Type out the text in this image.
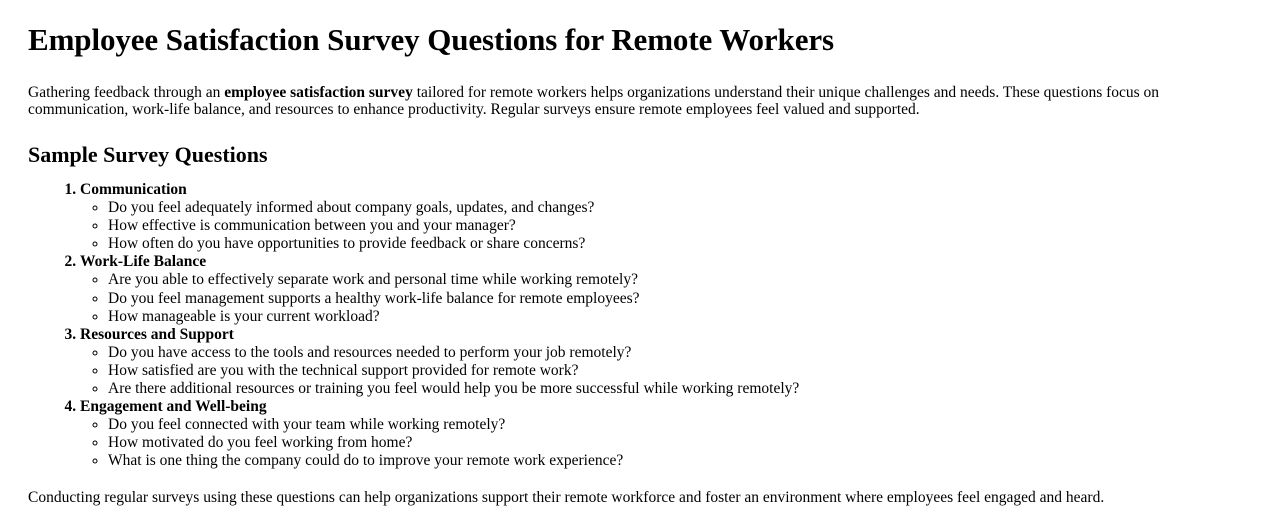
Employee Satisfaction Survey Questions for Remote Workers

Gathering feedback through an employee satisfaction survey tailored for remote workers helps organizations understand their unique challenges and needs. These questions focus on communication, work-life balance, and resources to enhance productivity. Regular surveys ensure remote employees feel valued and supported.

Sample Survey Questions
1. Communication
◦ Do you feel adequately informed about company goals, updates, and changes?
◦ How effective is communication between you and your manager?
◦ How often do you have opportunities to provide feedback or share concerns?
2. Work-Life Balance
◦ Are you able to effectively separate work and personal time while working remotely?
◦ Do you feel management supports a healthy work-life balance for remote employees?
◦ How manageable is your current workload?
3. Resources and Support
◦ Do you have access to the tools and resources needed to perform your job remotely?
◦ How satisfied are you with the technical support provided for remote work?
◦ Are there additional resources or training you feel would help you be more successful while working remotely?
4. Engagement and Well-being
◦ Do you feel connected with your team while working remotely?
◦ How motivated do you feel working from home?
◦ What is one thing the company could do to improve your remote work experience?

Conducting regular surveys using these questions can help organizations support their remote workforce and foster an environment where employees feel engaged and heard.
